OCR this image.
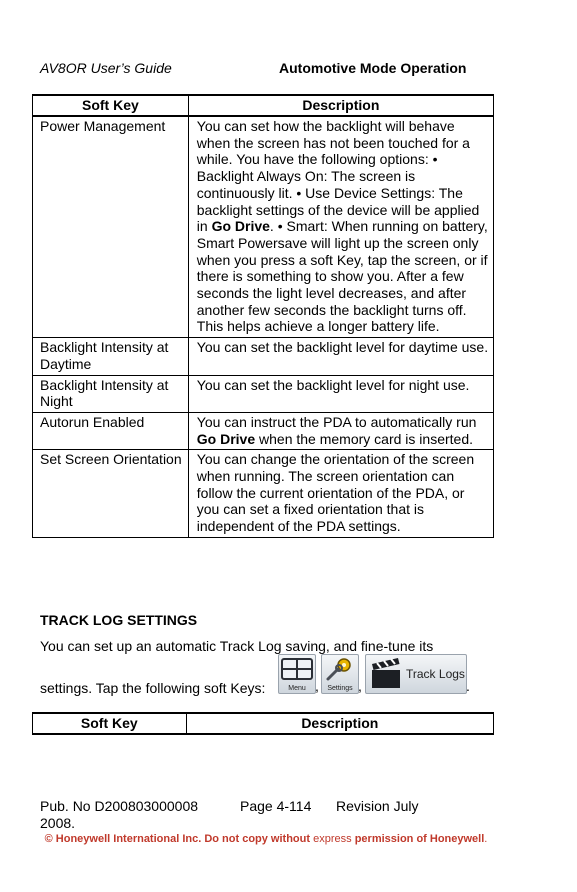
AV8OR User’s Guide	Automotive Mode Operation
Soft Key	Description
Power Management	You can set how the backlight will behave when the screen has not been touched for a while. You have the following options: • Backlight Always On: The screen is continuously lit. • Use Device Settings: The backlight settings of the device will be applied in Go Drive. • Smart: When running on battery, Smart Powersave will light up the screen only when you press a soft Key, tap the screen, or if there is something to show you. After a few seconds the light level decreases, and after another few seconds the backlight turns off. This helps achieve a longer battery life.
Backlight Intensity at Daytime	You can set the backlight level for daytime use.
Backlight Intensity at Night	You can set the backlight level for night use.
Autorun Enabled	You can instruct the PDA to automatically run Go Drive when the memory card is inserted.
Set Screen Orientation	You can change the orientation of the screen when running. The screen orientation can follow the current orientation of the PDA, or you can set a fixed orientation that is independent of the PDA settings.
TRACK LOG SETTINGS
You can set up an automatic Track Log saving, and fine-tune its
settings. Tap the following soft Keys:	Menu ,	Settings ,
Track Logs
.
Soft Key	Description
Pub. No D200803000008	Page 4-114 Revision July

2008.
© Honeywell International Inc. Do not copy without express permission of Honeywell.
